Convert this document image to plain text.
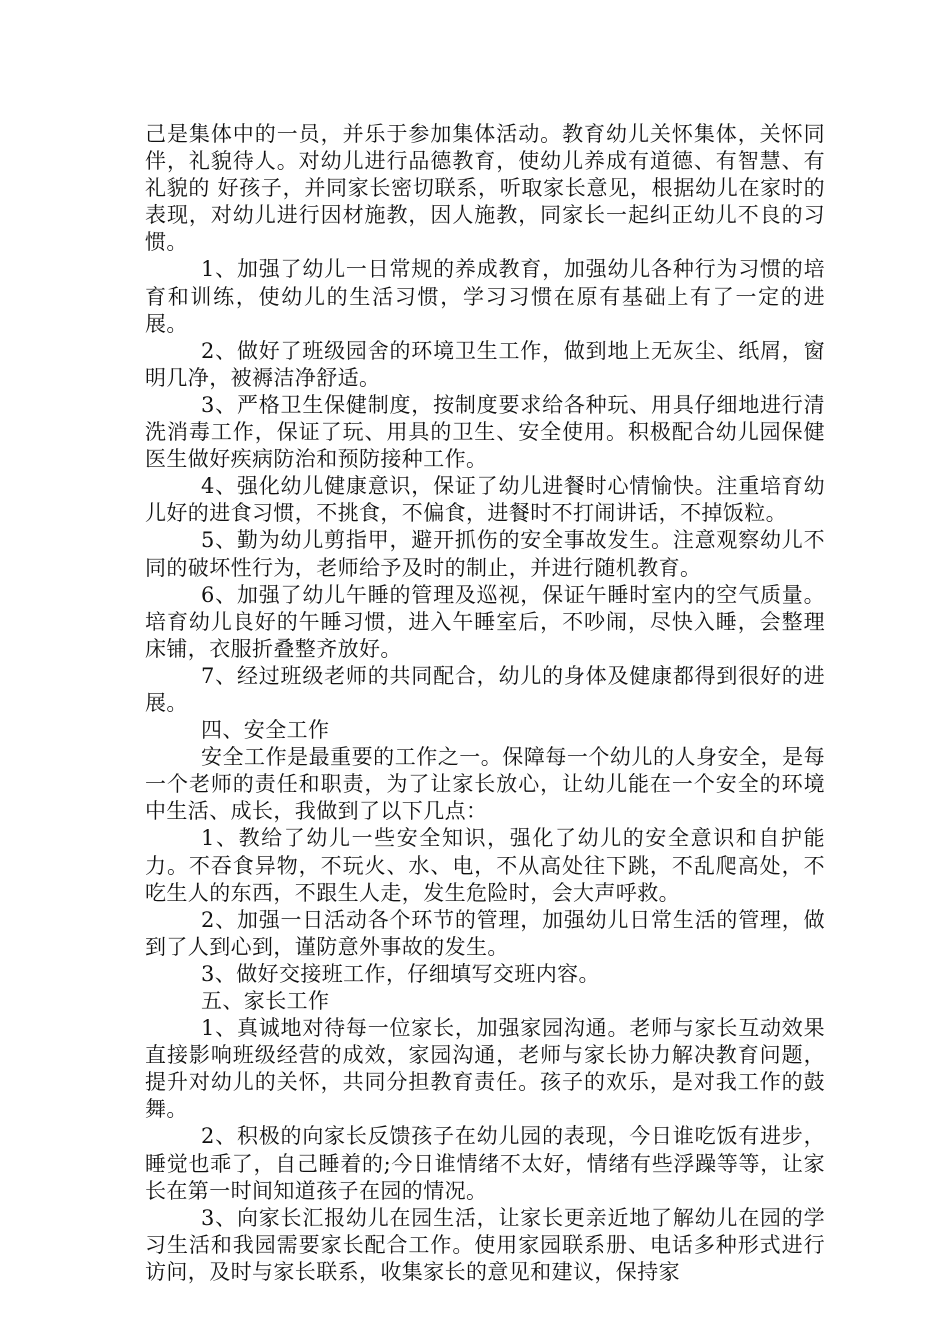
己是集体中的一员，并乐于参加集体活动。教育幼儿关怀集体，关怀同伴，礼貌待人。对幼儿进行品德教育，使幼儿养成有道德、有智慧、有礼貌的 好孩子，并同家长密切联系，听取家长意见，根据幼儿在家时的表现，对幼儿进行因材施教，因人施教，同家长一起纠正幼儿不良的习惯。

1、加强了幼儿一日常规的养成教育，加强幼儿各种行为习惯的培育和训练，使幼儿的生活习惯，学习习惯在原有基础上有了一定的进展。

2、做好了班级园舍的环境卫生工作，做到地上无灰尘、纸屑，窗明几净，被褥洁净舒适。

3、严格卫生保健制度，按制度要求给各种玩、用具仔细地进行清洗消毒工作，保证了玩、用具的卫生、安全使用。积极配合幼儿园保健医生做好疾病防治和预防接种工作。

4、强化幼儿健康意识，保证了幼儿进餐时心情愉快。注重培育幼儿好的进食习惯，不挑食，不偏食，进餐时不打闹讲话，不掉饭粒。

5、勤为幼儿剪指甲，避开抓伤的安全事故发生。注意观察幼儿不同的破坏性行为，老师给予及时的制止，并进行随机教育。

6、加强了幼儿午睡的管理及巡视，保证午睡时室内的空气质量。培育幼儿良好的午睡习惯，进入午睡室后，不吵闹，尽快入睡，会整理床铺，衣服折叠整齐放好。

7、经过班级老师的共同配合，幼儿的身体及健康都得到很好的进展。

四、安全工作

安全工作是最重要的工作之一。保障每一个幼儿的人身安全，是每一个老师的责任和职责，为了让家长放心，让幼儿能在一个安全的环境中生活、成长，我做到了以下几点：

1、教给了幼儿一些安全知识，强化了幼儿的安全意识和自护能力。不吞食异物，不玩火、水、电，不从高处往下跳，不乱爬高处，不吃生人的东西，不跟生人走，发生危险时，会大声呼救。

2、加强一日活动各个环节的管理，加强幼儿日常生活的管理，做到了人到心到，谨防意外事故的发生。

3、做好交接班工作，仔细填写交班内容。

五、家长工作

1、真诚地对待每一位家长，加强家园沟通。老师与家长互动效果直接影响班级经营的成效，家园沟通，老师与家长协力解决教育问题，提升对幼儿的关怀，共同分担教育责任。孩子的欢乐，是对我工作的鼓舞。

2、积极的向家长反馈孩子在幼儿园的表现，今日谁吃饭有进步，睡觉也乖了，自己睡着的;今日谁情绪不太好，情绪有些浮躁等等，让家长在第一时间知道孩子在园的情况。

3、向家长汇报幼儿在园生活，让家长更亲近地了解幼儿在园的学习生活和我园需要家长配合工作。使用家园联系册、电话多种形式进行访问，及时与家长联系，收集家长的意见和建议，保持家
